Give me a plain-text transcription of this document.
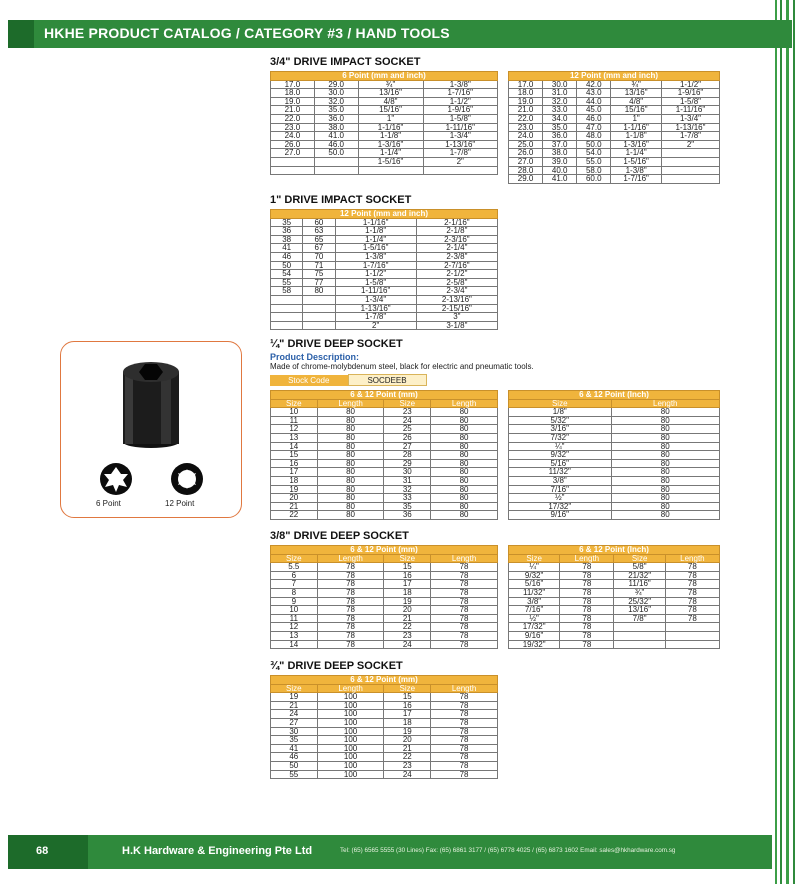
HKHE PRODUCT CATALOG / CATEGORY #3 / HAND TOOLS
3/4" DRIVE IMPACT SOCKET
6 Point (mm and inch)			
17.0	29.0	¾"	1-3/8"
18.0	30.0	13/16"	1-7/16"
19.0	32.0	4/8"	1-1/2"
21.0	35.0	15/16"	1-9/16"
22.0	36.0	1"	1-5/8"
23.0	38.0	1-1/16"	1-11/16"
24.0	41.0	1-1/8"	1-3/4"
26.0	46.0	1-3/16"	1-13/16"
27.0	50.0	1-1/4"	1-7/8"
		1-5/16"	2"

12 Point (mm and inch)				
17.0	30.0	42.0	¾"	1-1/2"
18.0	31.0	43.0	13/16"	1-9/16"
19.0	32.0	44.0	4/8"	1-5/8"
21.0	33.0	45.0	15/16"	1-11/16"
22.0	34.0	46.0	1"	1-3/4"
23.0	35.0	47.0	1-1/16"	1-13/16"
24.0	36.0	48.0	1-1/8"	1-7/8"
25.0	37.0	50.0	1-3/16"	2"
26.0	38.0	54.0	1-1/4"	
27.0	39.0	55.0	1-5/16"	
28.0	40.0	58.0	1-3/8"	
29.0	41.0	60.0	1-7/16"	
1" DRIVE IMPACT SOCKET
12 Point (mm and inch)			
35	60	1-1/16"	2-1/16"
36	63	1-1/8"	2-1/8"
38	65	1-1/4"	2-3/16"
41	67	1-5/16"	2-1/4"
46	70	1-3/8"	2-3/8"
50	71	1-7/16"	2-7/16"
54	75	1-1/2"	2-1/2"
55	77	1-5/8"	2-5/8"
58	80	1-11/16"	2-3/4"
		1-3/4"	2-13/16"
		1-13/16"	2-15/16"
		1-7/8"	3"
		2"	3-1/8"
¼" DRIVE DEEP SOCKET
Product Description:
Made of chrome-molybdenum steel, black for electric and pneumatic tools.
Stock Code	SOCDEEB
6 & 12 Point (mm)			
Size	Length	Size	Length
10	80	23	80
11	80	24	80
12	80	25	80
13	80	26	80
14	80	27	80
15	80	28	80
16	80	29	80
17	80	30	80
18	80	31	80
19	80	32	80
20	80	33	80
21	80	35	80
22	80	36	80
6 & 12 Point (Inch)	
Size	Length
1/8"	80
5/32"	80
3/16"	80
7/32"	80
¼"	80
9/32"	80
5/16"	80
11/32"	80
3/8"	80
7/16"	80
½"	80
17/32"	80
9/16"	80
6 Point	12 Point
3/8" DRIVE DEEP SOCKET
6 & 12 Point (mm)			
Size	Length	Size	Length
5.5	78	15	78
6	78	16	78
7	78	17	78
8	78	18	78
9	78	19	78
10	78	20	78
11	78	21	78
12	78	22	78
13	78	23	78
14	78	24	78
6 & 12 Point (Inch)			
Size	Length	Size	Length
¼"	78	5/8"	78
9/32"	78	21/32"	78
5/16"	78	11/16"	78
11/32"	78	¾"	78
3/8"	78	25/32"	78
7/16"	78	13/16"	78
½"	78	7/8"	78
17/32"	78		
9/16"	78		
19/32"	78		
¾" DRIVE DEEP SOCKET
6 & 12 Point (mm)			
Size	Length	Size	Length
19	100	15	78
21	100	16	78
24	100	17	78
27	100	18	78
30	100	19	78
35	100	20	78
41	100	21	78
46	100	22	78
50	100	23	78
55	100	24	78
68	H.K Hardware & Engineering Pte Ltd	Tel: (65) 6565 5555 (30 Lines) Fax: (65) 6861 3177 / (65) 6778 4025 / (65) 6873 1602 Email: sales@hkhardware.com.sg
